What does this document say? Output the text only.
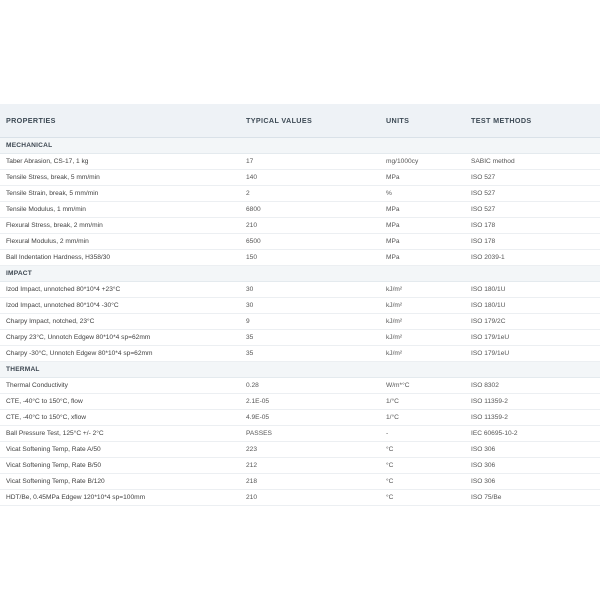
PROPERTIES	TYPICAL VALUES	UNITS	TEST METHODS
MECHANICAL			
Taber Abrasion, CS-17, 1 kg	17	mg/1000cy	SABIC method
Tensile Stress, break, 5 mm/min	140	MPa	ISO 527
Tensile Strain, break, 5 mm/min	2	%	ISO 527
Tensile Modulus, 1 mm/min	6800	MPa	ISO 527
Flexural Stress, break, 2 mm/min	210	MPa	ISO 178
Flexural Modulus, 2 mm/min	6500	MPa	ISO 178
Ball Indentation Hardness, H358/30	150	MPa	ISO 2039-1
IMPACT			
Izod Impact, unnotched 80*10*4 +23°C	30	kJ/m²	ISO 180/1U
Izod Impact, unnotched 80*10*4 -30°C	30	kJ/m²	ISO 180/1U
Charpy Impact, notched, 23°C	9	kJ/m²	ISO 179/2C
Charpy 23°C, Unnotch Edgew 80*10*4 sp=62mm	35	kJ/m²	ISO 179/1eU
Charpy -30°C, Unnotch Edgew 80*10*4 sp=62mm	35	kJ/m²	ISO 179/1eU
THERMAL			
Thermal Conductivity	0.28	W/m*°C	ISO 8302
CTE, -40°C to 150°C, flow	2.1E-05	1/°C	ISO 11359-2
CTE, -40°C to 150°C, xflow	4.9E-05	1/°C	ISO 11359-2
Ball Pressure Test, 125°C +/- 2°C	PASSES	-	IEC 60695-10-2
Vicat Softening Temp, Rate A/50	223	°C	ISO 306
Vicat Softening Temp, Rate B/50	212	°C	ISO 306
Vicat Softening Temp, Rate B/120	218	°C	ISO 306
HDT/Be, 0.45MPa Edgew 120*10*4 sp=100mm	210	°C	ISO 75/Be
